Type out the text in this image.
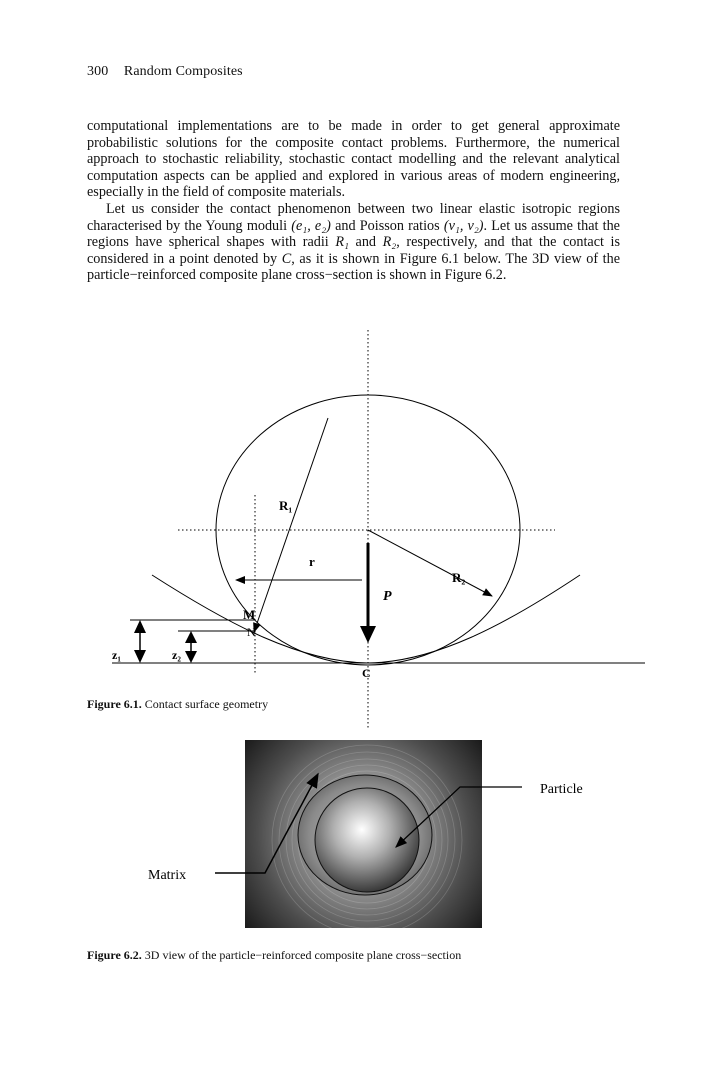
300 Random Composites

computational implementations are to be made in order to get general approximate probabilistic solutions for the composite contact problems. Furthermore, the numerical approach to stochastic reliability, stochastic contact modelling and the relevant analytical computation aspects can be applied and explored in various areas of modern engineering, especially in the field of composite materials.

Let us consider the contact phenomenon between two linear elastic isotropic regions characterised by the Young moduli (e₁, e₂) and Poisson ratios (ν₁, ν₂). Let us assume that the regions have spherical shapes with radii R₁ and R₂, respectively, and that the contact is considered in a point denoted by C, as it is shown in Figure 6.1 below. The 3D view of the particle−reinforced composite plane cross−section is shown in Figure 6.2.

R₁
R₂
r
P
M
N
C
z₁	z₂
Figure 6.1. Contact surface geometry
Particle
Matrix
Figure 6.2. 3D view of the particle−reinforced composite plane cross−section
